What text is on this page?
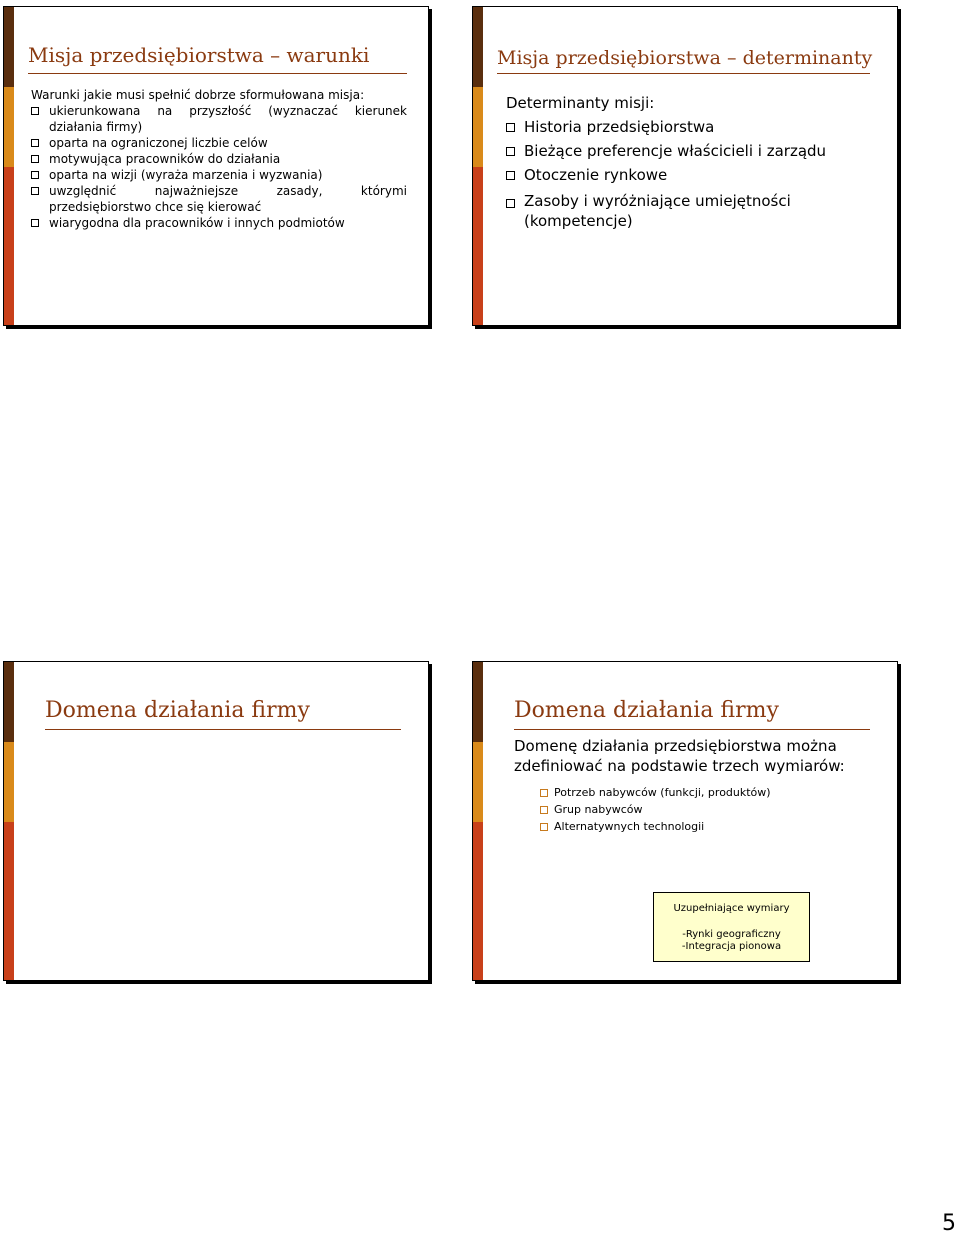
Misja przedsiębiorstwa – warunki
Warunki jakie musi spełnić dobrze sformułowana misja:
ukierunkowana na przyszłość (wyznaczać kierunek
działania firmy)
oparta na ograniczonej liczbie celów
motywująca pracowników do działania
oparta na wizji (wyraża marzenia i wyzwania)
uwzględnić najważniejsze zasady, którymi
przedsiębiorstwo chce się kierować
wiarygodna dla pracowników i innych podmiotów
Misja przedsiębiorstwa – determinanty
Determinanty misji:
Historia przedsiębiorstwa
Bieżące preferencje właścicieli i zarządu
Otoczenie rynkowe
Zasoby i wyróżniające umiejętności
(kompetencje)
Domena działania firmy	Domena działania firmy
Domenę działania przedsiębiorstwa można zdefiniować na podstawie trzech wymiarów:
Potrzeb nabywców (funkcji, produktów)
Grup nabywców
Alternatywnych technologii
Uzupełniające wymiary
-Rynki geograficzny
-Integracja pionowa
5
